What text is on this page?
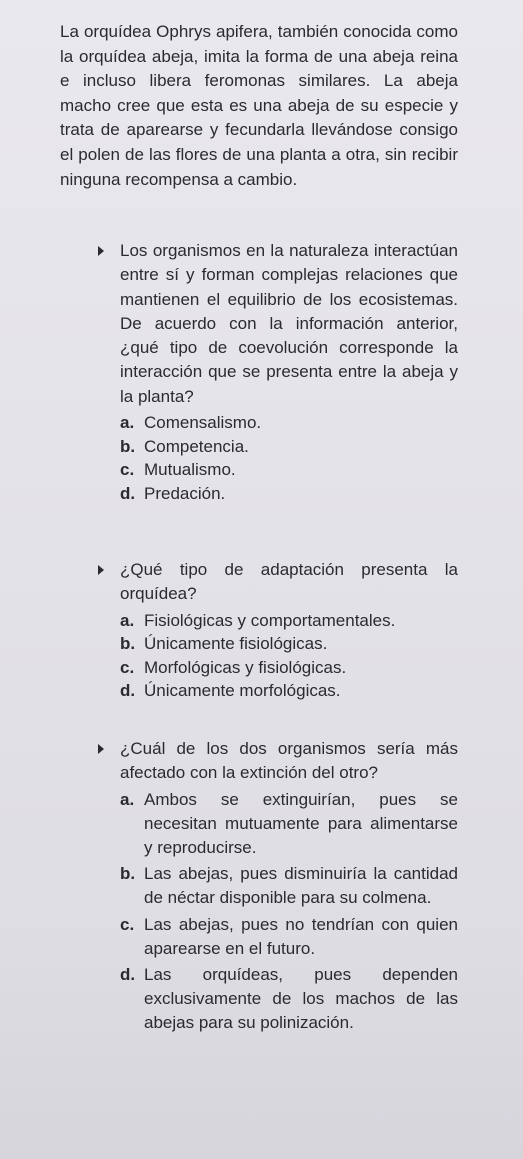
La orquídea Ophrys apifera, también conocida como la orquídea abeja, imita la forma de una abeja reina e incluso libera feromonas similares. La abeja macho cree que esta es una abeja de su especie y trata de aparearse y fecundarla llevándose consigo el polen de las flores de una planta a otra, sin recibir ninguna recompensa a cambio.
Los organismos en la naturaleza interactúan entre sí y forman complejas relaciones que mantienen el equilibrio de los ecosistemas. De acuerdo con la información anterior, ¿qué tipo de coevolución corresponde la interacción que se presenta entre la abeja y la planta?
a. Comensalismo.
b. Competencia.
c. Mutualismo.
d. Predación.
¿Qué tipo de adaptación presenta la orquídea?
a. Fisiológicas y comportamentales.
b. Únicamente fisiológicas.
c. Morfológicas y fisiológicas.
d. Únicamente morfológicas.
¿Cuál de los dos organismos sería más afectado con la extinción del otro?
a. Ambos se extinguirían, pues se necesitan mutuamente para alimentarse y reproducirse.
b. Las abejas, pues disminuiría la cantidad de néctar disponible para su colmena.
c. Las abejas, pues no tendrían con quien aparearse en el futuro.
d. Las orquídeas, pues dependen exclusivamente de los machos de las abejas para su polinización.
